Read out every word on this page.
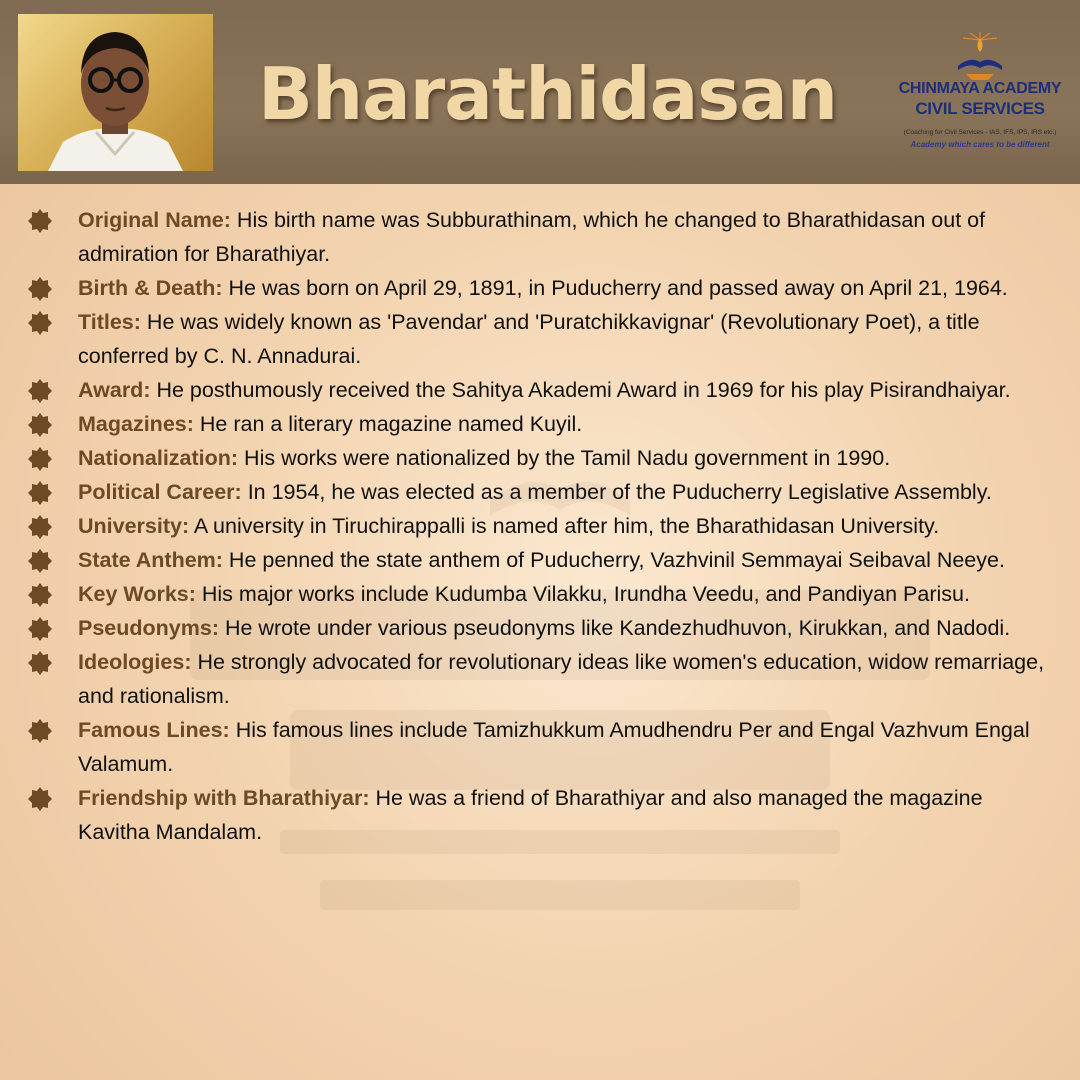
Bharathidasan	CHINMAYA ACADEMY
CIVIL SERVICES
(Coaching for Civil Services - IAS, IFS, IPS, IRS etc.)
Academy which cares to be different
Original Name: His birth name was Subburathinam, which he changed to Bharathidasan out of admiration for Bharathiyar.
Birth & Death: He was born on April 29, 1891, in Puducherry and passed away on April 21, 1964.
Titles: He was widely known as 'Pavendar' and 'Puratchikkavignar' (Revolutionary Poet), a title conferred by C. N. Annadurai.
Award: He posthumously received the Sahitya Akademi Award in 1969 for his play Pisirandhaiyar.
Magazines: He ran a literary magazine named Kuyil.
Nationalization: His works were nationalized by the Tamil Nadu government in 1990.
Political Career: In 1954, he was elected as a member of the Puducherry Legislative Assembly.
University: A university in Tiruchirappalli is named after him, the Bharathidasan University.
State Anthem: He penned the state anthem of Puducherry, Vazhvinil Semmayai Seibaval Neeye.
Key Works: His major works include Kudumba Vilakku, Irundha Veedu, and Pandiyan Parisu.
Pseudonyms: He wrote under various pseudonyms like Kandezhudhuvon, Kirukkan, and Nadodi.
Ideologies: He strongly advocated for revolutionary ideas like women's education, widow remarriage, and rationalism.
Famous Lines: His famous lines include Tamizhukkum Amudhendru Per and Engal Vazhvum Engal Valamum.
Friendship with Bharathiyar: He was a friend of Bharathiyar and also managed the magazine Kavitha Mandalam.
